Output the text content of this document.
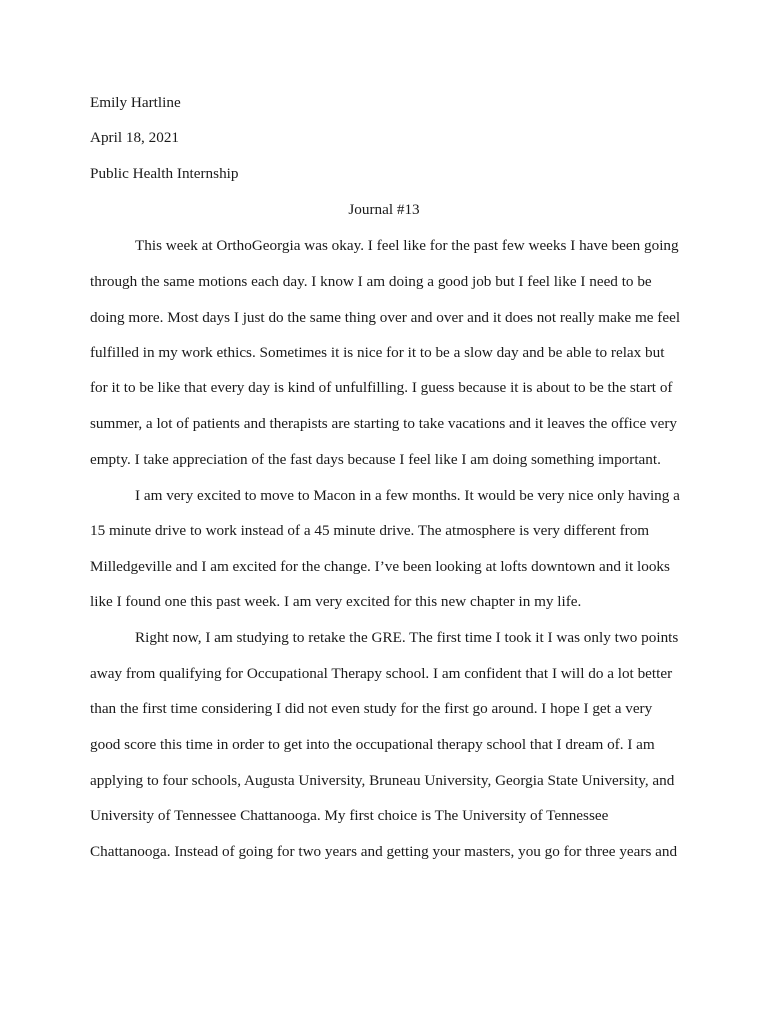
Emily Hartline
April 18, 2021
Public Health Internship
Journal #13
This week at OrthoGeorgia was okay. I feel like for the past few weeks I have been going
through the same motions each day. I know I am doing a good job but I feel like I need to be
doing more. Most days I just do the same thing over and over and it does not really make me feel
fulfilled in my work ethics. Sometimes it is nice for it to be a slow day and be able to relax but
for it to be like that every day is kind of unfulfilling. I guess because it is about to be the start of
summer, a lot of patients and therapists are starting to take vacations and it leaves the office very
empty. I take appreciation of the fast days because I feel like I am doing something important.
I am very excited to move to Macon in a few months. It would be very nice only having a
15 minute drive to work instead of a 45 minute drive. The atmosphere is very different from
Milledgeville and I am excited for the change. I’ve been looking at lofts downtown and it looks
like I found one this past week. I am very excited for this new chapter in my life.
Right now, I am studying to retake the GRE. The first time I took it I was only two points
away from qualifying for Occupational Therapy school. I am confident that I will do a lot better
than the first time considering I did not even study for the first go around. I hope I get a very
good score this time in order to get into the occupational therapy school that I dream of. I am
applying to four schools, Augusta University, Bruneau University, Georgia State University, and
University of Tennessee Chattanooga. My first choice is The University of Tennessee
Chattanooga. Instead of going for two years and getting your masters, you go for three years and
